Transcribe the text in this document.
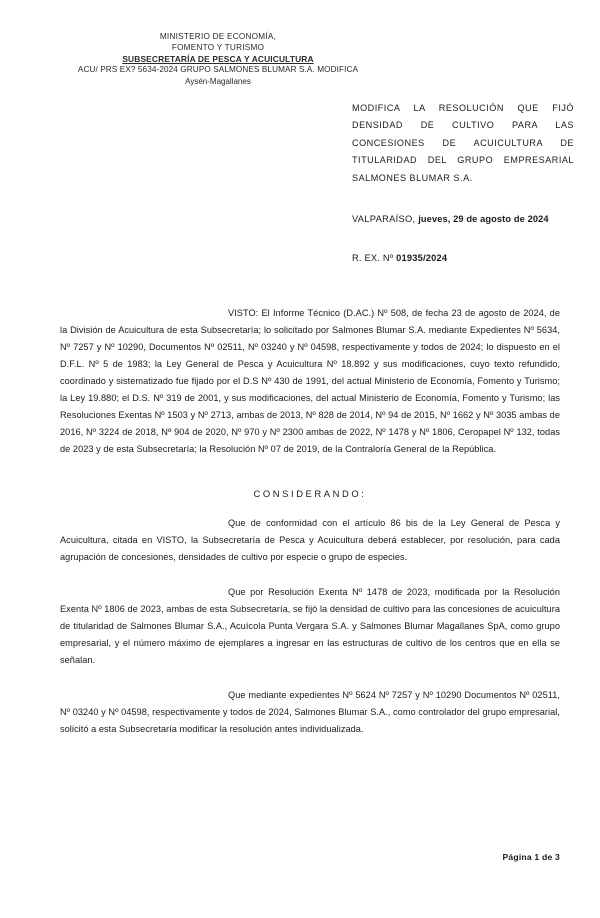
MINISTERIO DE ECONOMÍA,
FOMENTO Y TURISMO
SUBSECRETARÍA DE PESCA Y ACUICULTURA
ACU/ PRS EX? 5634-2024 GRUPO SALMONES BLUMAR S.A. MODIFICA
Aysén-Magallanes
MODIFICA LA RESOLUCIÓN QUE FIJÓ DENSIDAD DE CULTIVO PARA LAS CONCESIONES DE ACUICULTURA DE TITULARIDAD DEL GRUPO EMPRESARIAL SALMONES BLUMAR S.A.
VALPARAÍSO, jueves, 29 de agosto de 2024
R. EX. Nº 01935/2024

VISTO: El Informe Técnico (D.AC.) Nº 508, de fecha 23 de agosto de 2024, de la División de Acuicultura de esta Subsecretaría; lo solicitado por Salmones Blumar S.A. mediante Expedientes Nº 5634, Nº 7257 y Nº 10290, Documentos Nº 02511, Nº 03240 y Nº 04598, respectivamente y todos de 2024; lo dispuesto en el D.F.L. Nº 5 de 1983; la Ley General de Pesca y Acuicultura Nº 18.892 y sus modificaciones, cuyo texto refundido, coordinado y sistematizado fue fijado por el D.S Nº 430 de 1991, del actual Ministerio de Economía, Fomento y Turismo; la Ley 19.880; el D.S. Nº 319 de 2001, y sus modificaciones, del actual Ministerio de Economía, Fomento y Turismo; las Resoluciones Exentas Nº 1503 y Nº 2713, ambas de 2013, Nº 828 de 2014, Nº 94 de 2015, Nº 1662 y Nº 3035 ambas de 2016, Nº 3224 de 2018, Nº 904 de 2020, Nº 970 y Nº 2300 ambas de 2022, Nº 1478 y Nº 1806, Ceropapel Nº 132, todas de 2023 y de esta Subsecretaría; la Resolución Nº 07 de 2019, de la Contraloría General de la República.

CONSIDERANDO:

Que de conformidad con el artículo 86 bis de la Ley General de Pesca y Acuicultura, citada en VISTO, la Subsecretaría de Pesca y Acuicultura deberá establecer, por resolución, para cada agrupación de concesiones, densidades de cultivo por especie o grupo de especies.

Que por Resolución Exenta Nº 1478 de 2023, modificada por la Resolución Exenta Nº 1806 de 2023, ambas de esta Subsecretaría, se fijó la densidad de cultivo para las concesiones de acuicultura de titularidad de Salmones Blumar S.A., Acuícola Punta Vergara S.A. y Salmones Blumar Magallanes SpA, como grupo empresarial, y el número máximo de ejemplares a ingresar en las estructuras de cultivo de los centros que en ella se señalan.

Que mediante expedientes Nº 5624 Nº 7257 y Nº 10290 Documentos Nº 02511, Nº 03240 y Nº 04598, respectivamente y todos de 2024, Salmones Blumar S.A., como controlador del grupo empresarial, solicitó a esta Subsecretaría modificar la resolución antes individualizada.

Página 1 de 3
